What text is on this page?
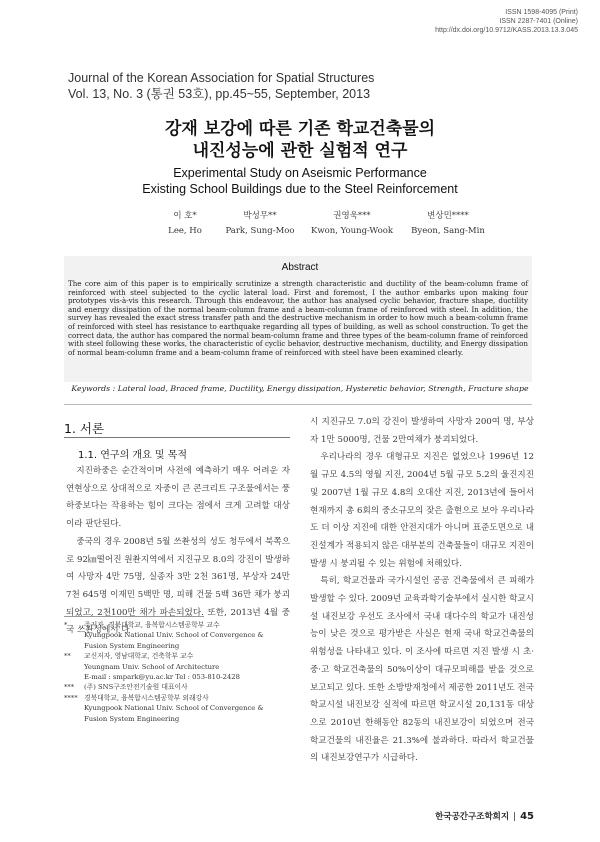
ISSN 1598-4095 (Print)
ISSN 2287-7401 (Online)
http://dx.doi.org/10.9712/KASS.2013.13.3.045
Journal of the Korean Association for Spatial Structures
Vol. 13, No. 3 (통권 53호), pp.45~55, September, 2013
강재 보강에 따른 기존 학교건축물의
내진성능에 관한 실험적 연구
Experimental Study on Aseismic Performance
Existing School Buildings due to the Steel Reinforcement
이 호*
Lee, Ho
박성무**
Park, Sung-Moo
권영욱***
Kwon, Young-Wook
변상민****
Byeon, Sang-Min
Abstract
The core aim of this paper is to empirically scrutinize a strength characteristic and ductility of the beam-column frame of reinforced with steel subjected to the cyclic lateral load. First and foremost, I the author embarks upon making four prototypes vis-à-vis this research. Through this endeavour, the author has analysed cyclic behavior, fracture shape, ductility and energy dissipation of the normal beam-column frame and a beam-column frame of reinforced with steel. In addition, the survey has revealed the exact stress transfer path and the destructive mechanism in order to how much a beam-column frame of reinforced with steel has resistance to earthquake regarding all types of building, as well as school construction. To get the correct data, the author has compared the normal beam-column frame and three types of the beam-column frame of reinforced with steel following these works, the characteristic of cyclic behavior, destructive mechanism, ductility, and Energy dissipation of normal beam-column frame and a beam-column frame of reinforced with steel have been examined clearly.
Keywords : Lateral load, Braced frame, Ductility, Energy dissipation, Hysteretic behavior, Strength, Fracture shape
1. 서론
1.1. 연구의 개요 및 목적

지진하중은 순간적이며 사전에 예측하기 매우 어려운 자연현상으로 상대적으로 자중이 큰 콘크리트 구조물에서는 풍하중보다는 작용하는 힘이 크다는 점에서 크게 고려할 대상이라 판단된다.

중국의 경우 2008년 5월 쓰촨성의 성도 청두에서 북쪽으로 92㎞떨어진 원촨지역에서 지진규모 8.0의 강진이 발생하여 사망자 4만 75명, 실종자 3만 2천 361명, 부상자 24만 7천 645명 이재민 5백만 명, 피해 건물 5백 36만 채가 붕괴 되었고, 2천100만 채가 파손되었다. 또한, 2013년 4월 중국 쓰촨성에서 다

시 지진규모 7.0의 강진이 발생하여 사망자 200여 명, 부상자 1만 5000명, 건물 2만여채가 붕괴되었다.

우리나라의 경우 대형규모 지진은 없었으나 1996년 12월 규모 4.5의 영월 지진, 2004년 5월 규모 5.2의 울진지진 및 2007년 1월 규모 4.8의 오대산 지진, 2013년에 들어서 현재까지 총 6회의 중소규모의 잦은 출현으로 보아 우리나라도 더 이상 지진에 대한 안전지대가 아니며 표준도면으로 내진설계가 적용되지 않은 대부분의 건축물들이 대규모 지진이 발생 시 붕괴될 수 있는 위험에 처해있다.

특히, 학교건물과 국가시설인 공공 건축물에서 큰 피해가 발생할 수 있다. 2009년 교육과학기술부에서 실시한 학교시설 내진보강 우선도 조사에서 국내 대다수의 학교가 내진성능이 낮은 것으로 평가받은 사실은 현재 국내 학교건축물의 위험성을 나타내고 있다. 이 조사에 따르면 지진 발생 시 초·중·고 학교건축물의 50%이상이 대규모피해를 받을 것으로 보고되고 있다. 또한 소방방재청에서 제공한 2011년도 전국 학교시설 내진보강 실적에 따르면 학교시설 20,131동 대상으로 2010년 한해동안 82동의 내진보강이 되었으며 전국 학교건물의 내진율은 21.3%에 불과하다. 따라서 학교건물의 내진보강연구가 시급하다.

*	주저자, 경북대학교, 융복합시스템공학부 교수
Kyungpook National Univ. School of Convergence &
Fusion System Engineering
**	교신저자, 영남대학교, 건축학부 교수
Yeungnam Univ. School of Architecture
E-mail : smpark@yu.ac.kr Tel : 053-810-2428
***	(주) SNS구조안전기술원 대표이사
**** 경북대학교, 융복합시스템공학부 외래강사
Kyungpook National Univ. School of Convergence &
Fusion System Engineering
한국공간구조학회지 45
